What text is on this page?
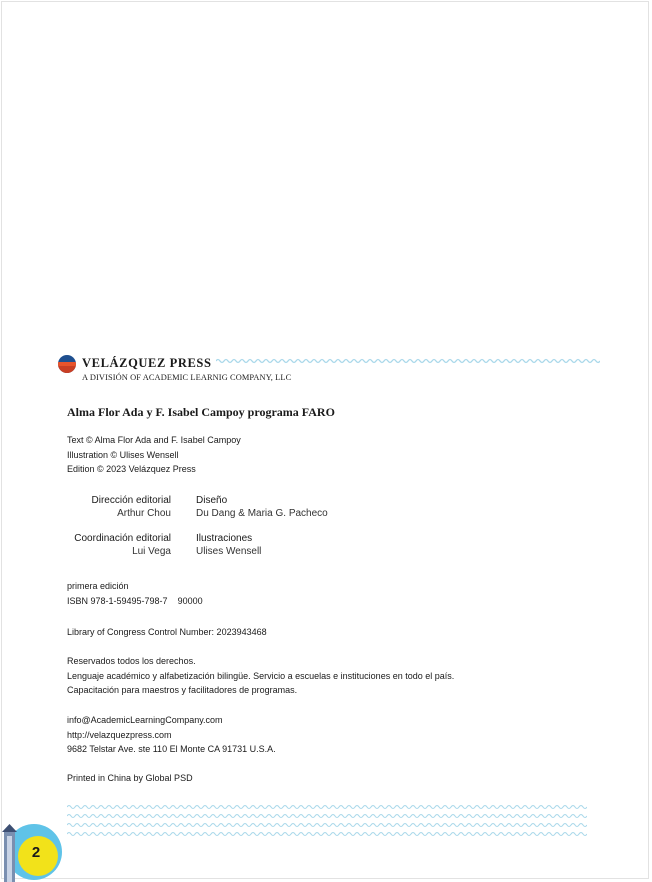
VELÁZQUEZ PRESS
A DIVISIÓN OF ACADEMIC LEARNIG COMPANY, LLC
Alma Flor Ada y F. Isabel Campoy programa FARO
Text © Alma Flor Ada and F. Isabel Campoy
Illustration © Ulises Wensell
Edition © 2023 Velázquez Press
Dirección editorial
Arthur Chou
Diseño
Du Dang & Maria G. Pacheco
Coordinación editorial
Lui Vega
Ilustraciones
Ulises Wensell
primera edición
ISBN 978-1-59495-798-7    90000
Library of Congress Control Number: 2023943468
Reservados todos los derechos.
Lenguaje académico y alfabetización bilingüe. Servicio a escuelas e instituciones en todo el país.
Capacitación para maestros y facilitadores de programas.
info@AcademicLearningCompany.com
http://velazquezpress.com
9682 Telstar Ave. ste 110 El Monte CA 91731 U.S.A.
Printed in China by Global PSD
2
